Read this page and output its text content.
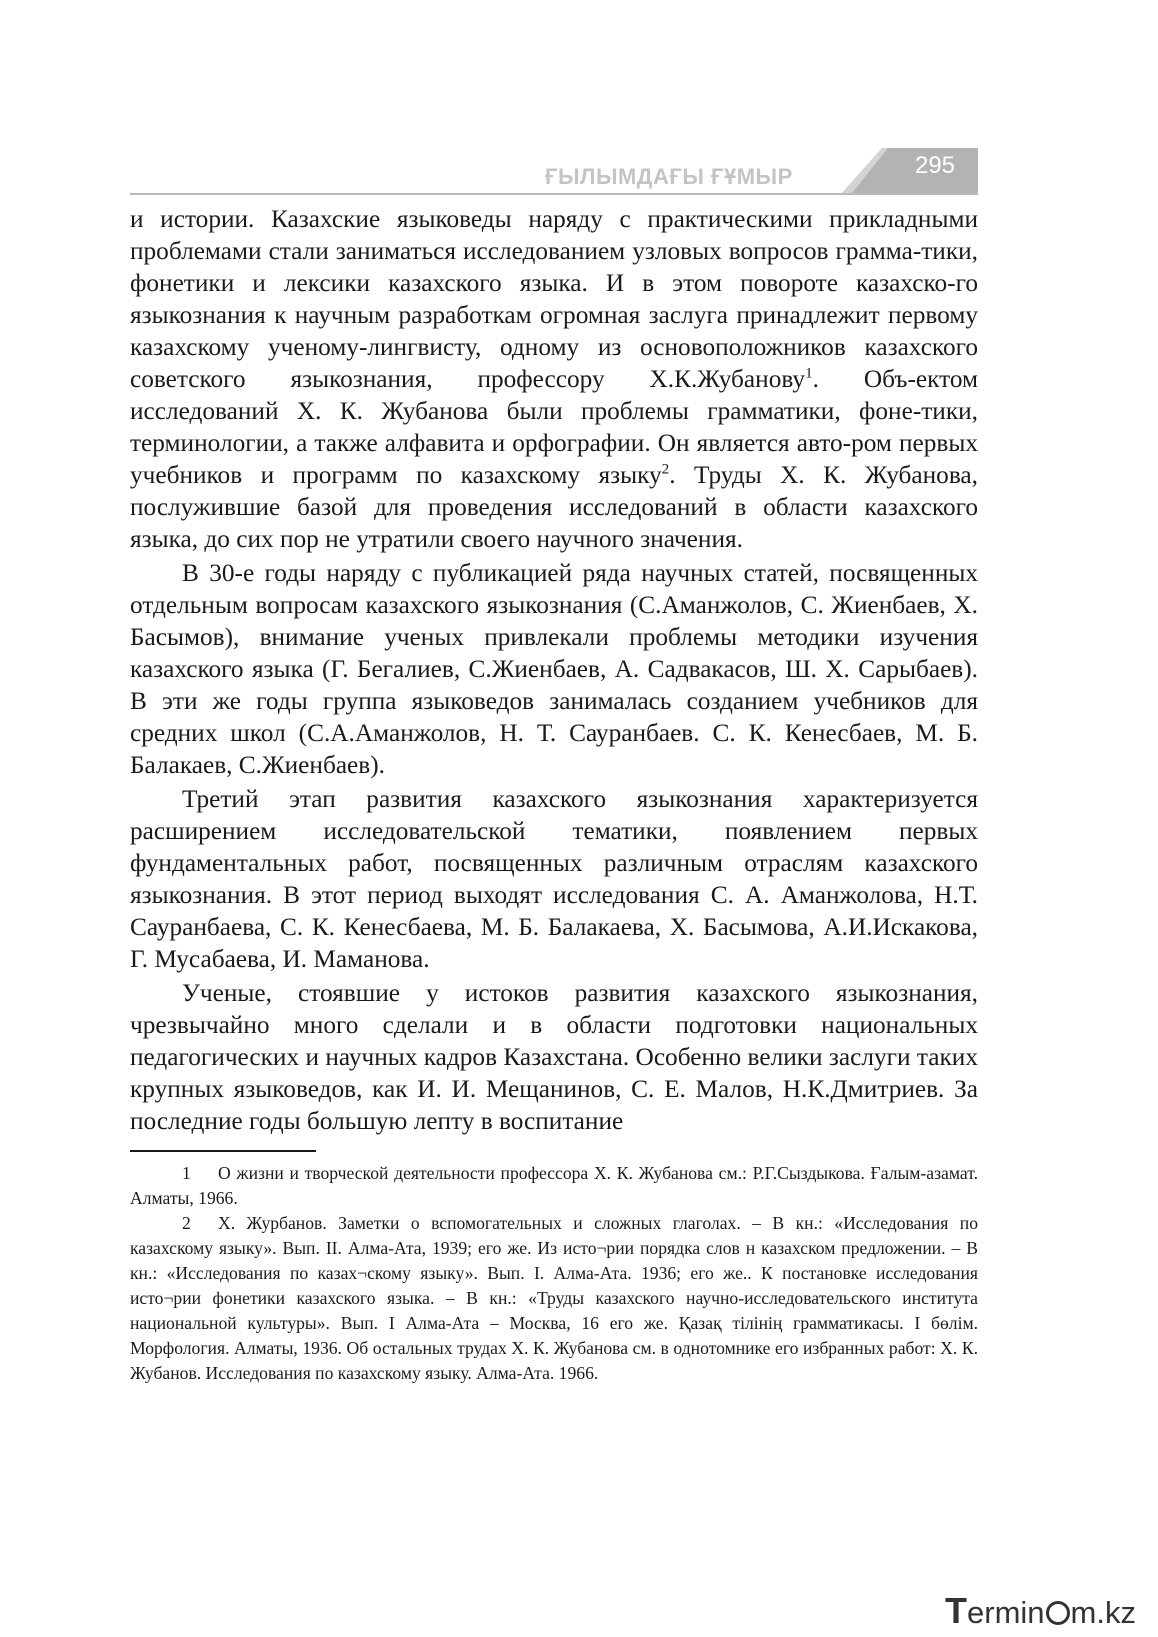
ҒЫЛЫМДАҒЫ ҒҰМЫР	295

и истории. Казахские языковеды наряду с практическими прикладными проблемами стали заниматься исследованием узловых вопросов грамма-тики, фонетики и лексики казахского языка. И в этом повороте казахско-го языкознания к научным разработкам огромная заслуга принадлежит первому казахскому ученому-лингвисту, одному из основоположников казахского советского языкознания, профессору Х.К.Жубанову$^1$. Объ-ектом исследований Х. К. Жубанова были проблемы грамматики, фоне-тики, терминологии, а также алфавита и орфографии. Он является авто-ром первых учебников и программ по казахскому языку$^2$. Труды Х. К. Жубанова, послужившие базой для проведения исследований в области казахского языка, до сих пор не утратили своего научного значения.

В 30-е годы наряду с публикацией ряда научных статей, посвященных отдельным вопросам казахского языкознания (С.Аманжолов, С. Жиенбаев, Х. Басымов), внимание ученых привлекали проблемы методики изучения казахского языка (Г. Бегалиев, С.Жиенбаев, А. Садвакасов, Ш. Х. Сарыбаев). В эти же годы группа языковедов занималась созданием учебников для средних школ (С.А.Аманжолов, Н. Т. Сауранбаев. С. К. Кенесбаев, М. Б. Балакаев, С.Жиенбаев).

Третий этап развития казахского языкознания характеризуется расширением исследовательской тематики, появлением первых фундаментальных работ, посвященных различным отраслям казахского языкознания. В этот период выходят исследования С. А. Аманжолова, Н.Т. Сауранбаева, С. К. Кенесбаева, М. Б. Балакаева, Х. Басымова, А.И.Искакова, Г. Мусабаева, И. Маманова.

Ученые, стоявшие у истоков развития казахского языкознания, чрезвычайно много сделали и в области подготовки национальных педагогических и научных кадров Казахстана. Особенно велики заслуги таких крупных языковедов, как И. И. Мещанинов, С. Е. Малов, Н.К.Дмитриев. За последние годы большую лепту в воспитание

1 О жизни и творческой деятельности профессора Х. К. Жубанова см.: Р.Г.Сыздыкова. Ғалым-азамат. Алматы, 1966.

2 Х. Журбанов. Заметки о вспомогательных и сложных глаголах. – В кн.: «Исследования по казахскому языку». Вып. II. Алма-Ата, 1939; его же. Из исто¬рии порядка слов н казахском предложении. – В кн.: «Исследования по казах¬скому языку». Вып. I. Алма-Ата. 1936; его же.. К постановке исследования исто¬рии фонетики казахского языка. – В кн.: «Труды казахского научно-исследовательского института национальной культуры». Вып. I Алма-Ата – Москва, 16 его же. Қазақ тілінің грамматикасы. I бөлім. Морфология. Алматы, 1936. Об остальных трудах Х. К. Жубанова см. в однотомнике его избранных работ: Х. К. Жубанов. Исследования по казахскому языку. Алма-Ата. 1966.

Termin m.kz
